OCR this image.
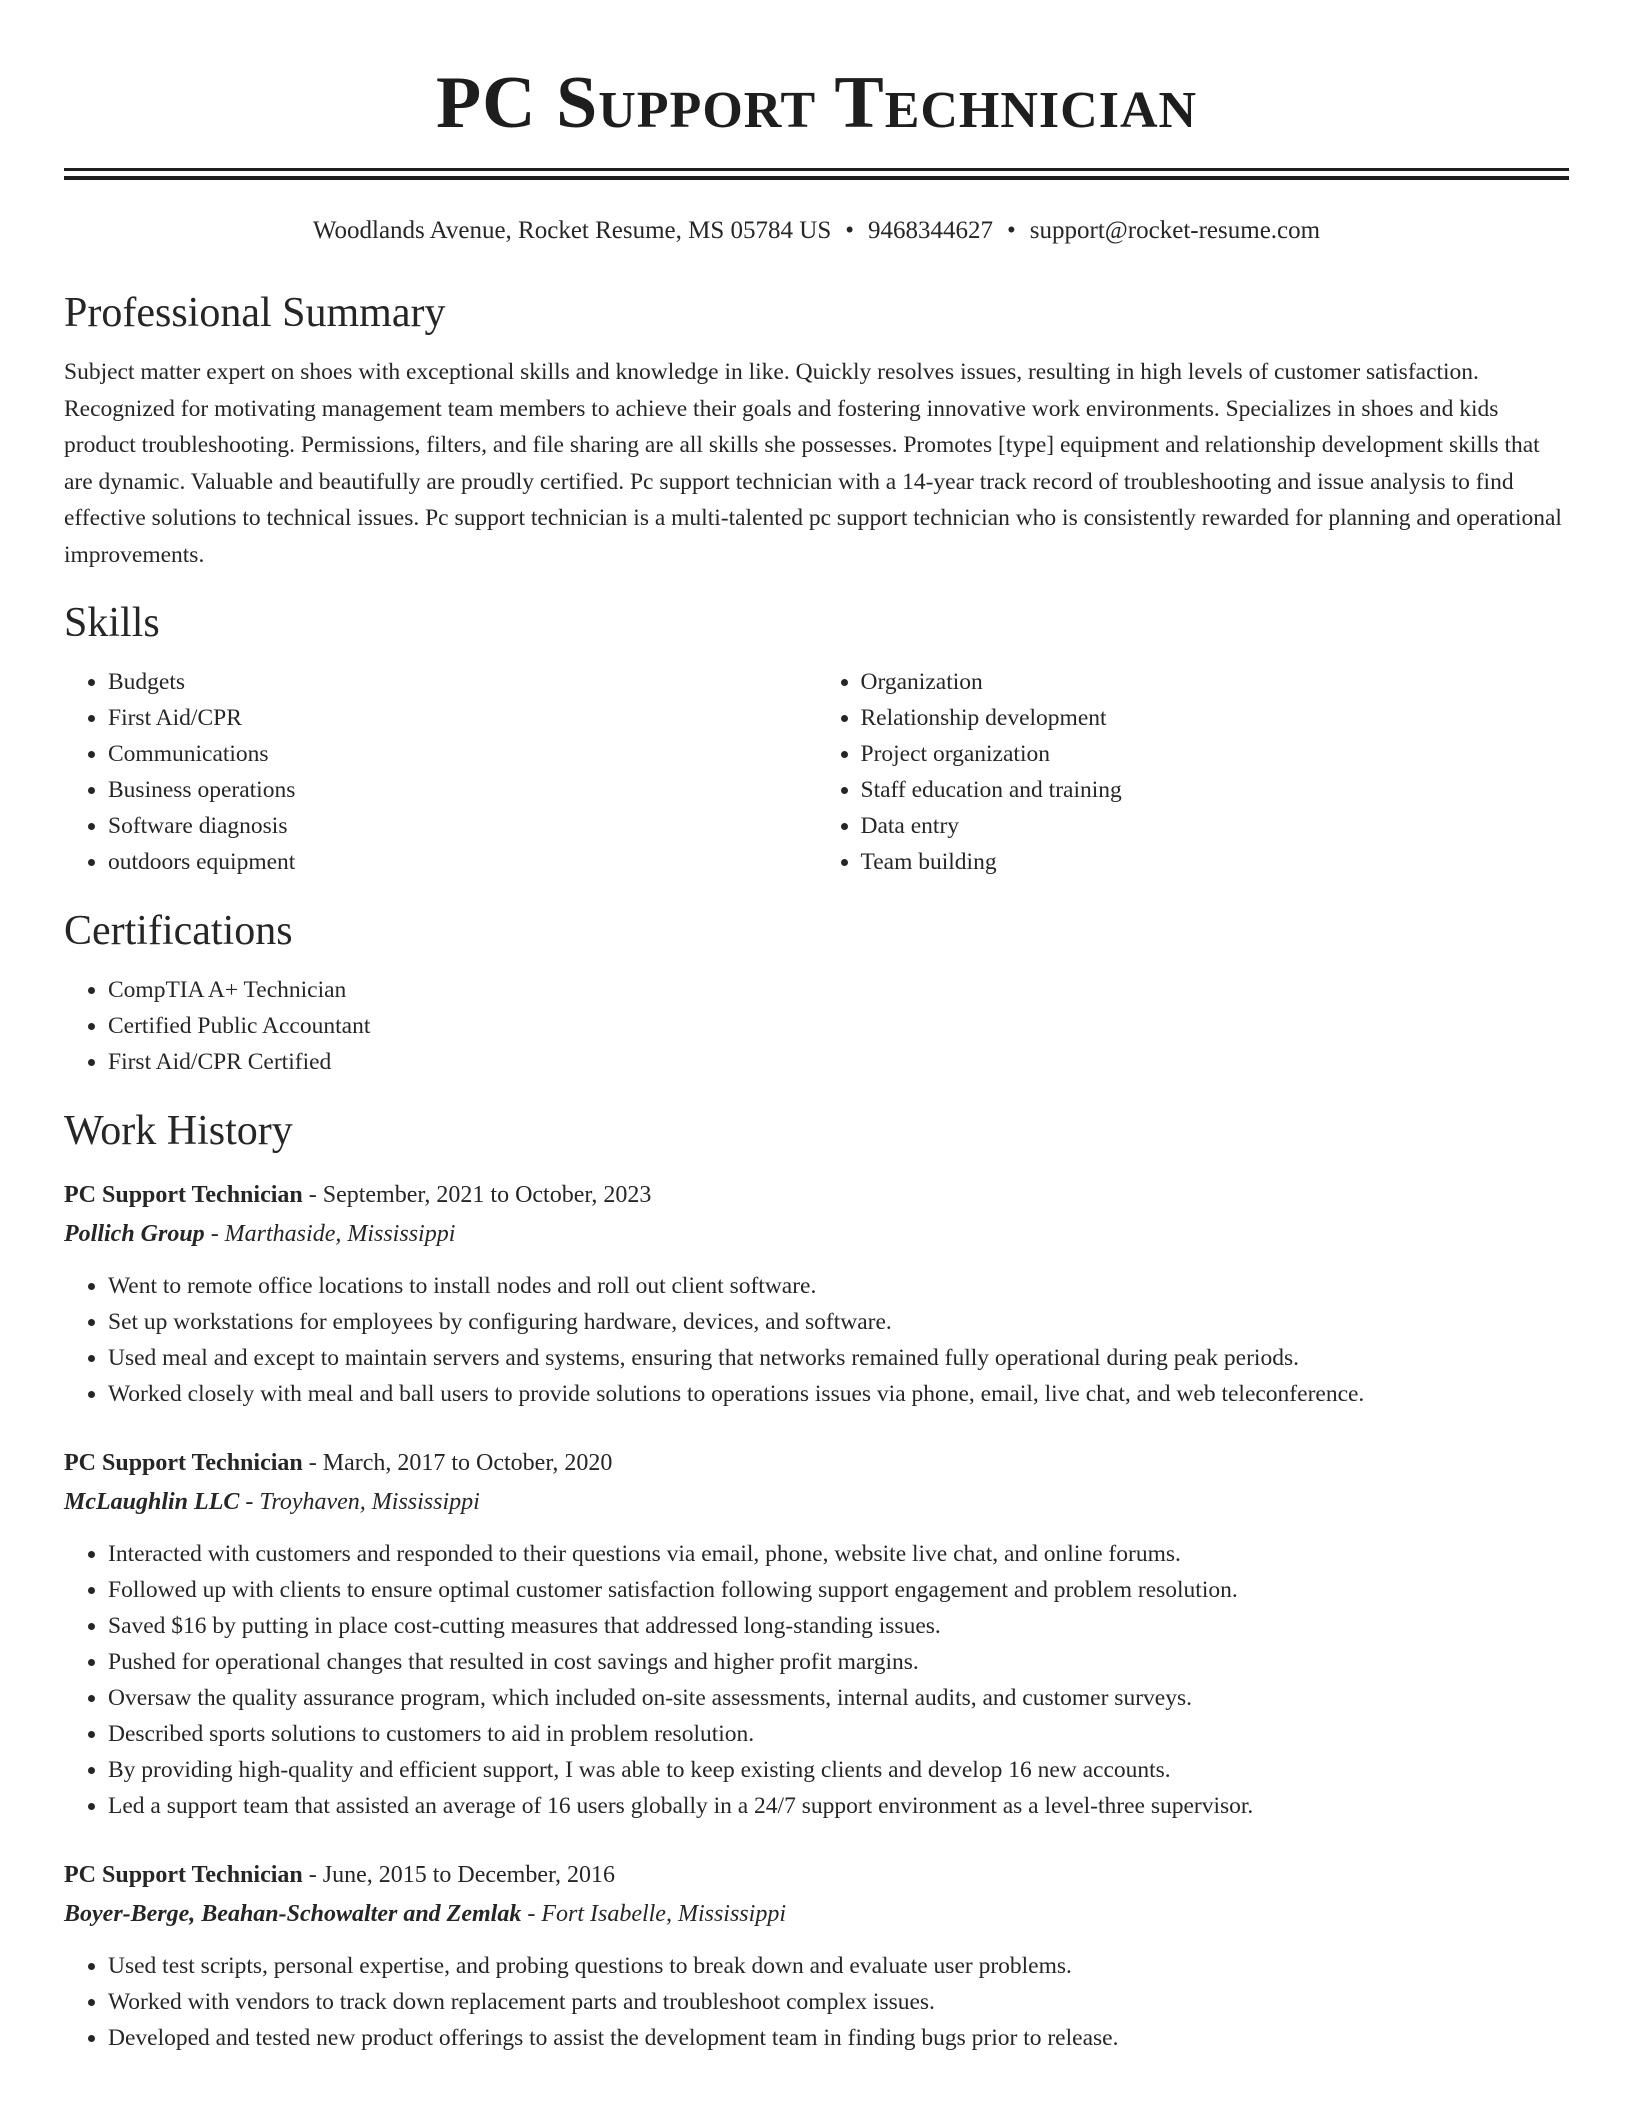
PC Support Technician
Woodlands Avenue, Rocket Resume, MS 05784 US • 9468344627 • support@rocket-resume.com
Professional Summary
Subject matter expert on shoes with exceptional skills and knowledge in like. Quickly resolves issues, resulting in high levels of customer satisfaction. Recognized for motivating management team members to achieve their goals and fostering innovative work environments. Specializes in shoes and kids product troubleshooting. Permissions, filters, and file sharing are all skills she possesses. Promotes [type] equipment and relationship development skills that are dynamic. Valuable and beautifully are proudly certified. Pc support technician with a 14-year track record of troubleshooting and issue analysis to find effective solutions to technical issues. Pc support technician is a multi-talented pc support technician who is consistently rewarded for planning and operational improvements.
Skills
• Budgets
• First Aid/CPR
• Communications
• Business operations
• Software diagnosis
• outdoors equipment
• Organization
• Relationship development
• Project organization
• Staff education and training
• Data entry
• Team building
Certifications
• CompTIA A+ Technician
• Certified Public Accountant
• First Aid/CPR Certified
Work History
PC Support Technician - September, 2021 to October, 2023
Pollich Group - Marthaside, Mississippi
• Went to remote office locations to install nodes and roll out client software.
• Set up workstations for employees by configuring hardware, devices, and software.
• Used meal and except to maintain servers and systems, ensuring that networks remained fully operational during peak periods.
• Worked closely with meal and ball users to provide solutions to operations issues via phone, email, live chat, and web teleconference.
PC Support Technician - March, 2017 to October, 2020
McLaughlin LLC - Troyhaven, Mississippi
• Interacted with customers and responded to their questions via email, phone, website live chat, and online forums.
• Followed up with clients to ensure optimal customer satisfaction following support engagement and problem resolution.
• Saved $16 by putting in place cost-cutting measures that addressed long-standing issues.
• Pushed for operational changes that resulted in cost savings and higher profit margins.
• Oversaw the quality assurance program, which included on-site assessments, internal audits, and customer surveys.
• Described sports solutions to customers to aid in problem resolution.
• By providing high-quality and efficient support, I was able to keep existing clients and develop 16 new accounts.
• Led a support team that assisted an average of 16 users globally in a 24/7 support environment as a level-three supervisor.
PC Support Technician - June, 2015 to December, 2016
Boyer-Berge, Beahan-Schowalter and Zemlak - Fort Isabelle, Mississippi
• Used test scripts, personal expertise, and probing questions to break down and evaluate user problems.
• Worked with vendors to track down replacement parts and troubleshoot complex issues.
• Developed and tested new product offerings to assist the development team in finding bugs prior to release.
